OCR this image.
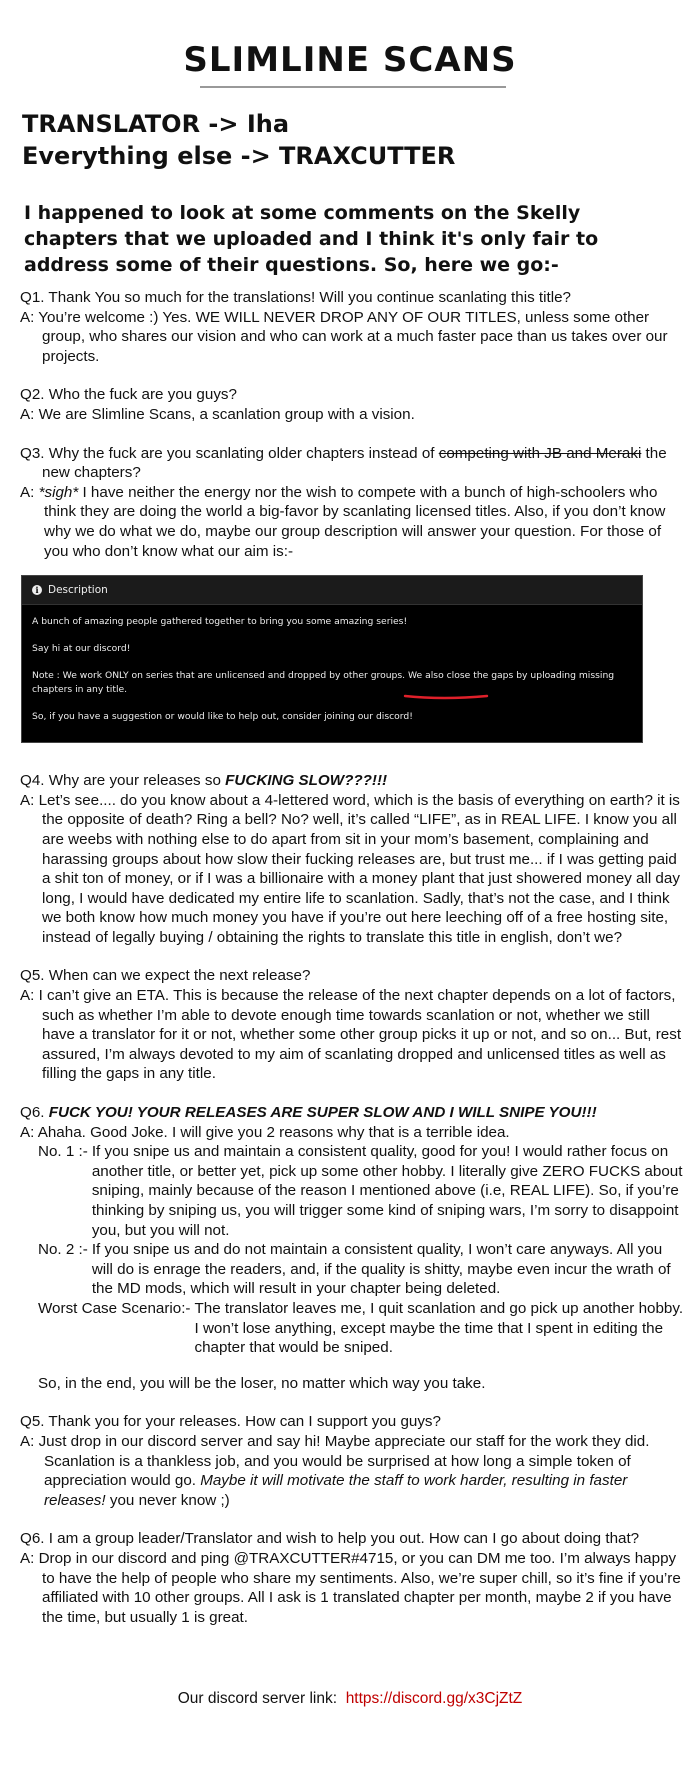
SLIMLINE SCANS
TRANSLATOR -> Iha
Everything else -> TRAXCUTTER
I happened to look at some comments on the Skelly chapters that we uploaded and I think it's only fair to address some of their questions. So, here we go:-
Q1. Thank You so much for the translations! Will you continue scanlating this title?
A: You’re welcome :) Yes. WE WILL NEVER DROP ANY OF OUR TITLES, unless some other group, who shares our vision and who can work at a much faster pace than us takes over our projects.
Q2. Who the fuck are you guys?
A: We are Slimline Scans, a scanlation group with a vision.
Q3. Why the fuck are you scanlating older chapters instead of competing with JB and Meraki the new chapters?
A: *sigh* I have neither the energy nor the wish to compete with a bunch of high-schoolers who think they are doing the world a big-favor by scanlating licensed titles. Also, if you don’t know why we do what we do, maybe our group description will answer your question. For those of you who don’t know what our aim is:-
i Description

A bunch of amazing people gathered together to bring you some amazing series!

Say hi at our discord!

Note : We work ONLY on series that are unlicensed and dropped by other groups. We also close the gaps by uploading missing chapters in any title.

So, if you have a suggestion or would like to help out, consider joining our discord!

Q4. Why are your releases so FUCKING SLOW???!!!
A: Let’s see.... do you know about a 4-lettered word, which is the basis of everything on earth? it is the opposite of death? Ring a bell? No? well, it’s called “LIFE”, as in REAL LIFE. I know you all are weebs with nothing else to do apart from sit in your mom’s basement, complaining and harassing groups about how slow their fucking releases are, but trust me... if I was getting paid a shit ton of money, or if I was a billionaire with a money plant that just showered money all day long, I would have dedicated my entire life to scanlation. Sadly, that’s not the case, and I think we both know how much money you have if you’re out here leeching off of a free hosting site, instead of legally buying / obtaining the rights to translate this title in english, don’t we?
Q5. When can we expect the next release?
A: I can’t give an ETA. This is because the release of the next chapter depends on a lot of factors, such as whether I’m able to devote enough time towards scanlation or not, whether we still have a translator for it or not, whether some other group picks it up or not, and so on... But, rest assured, I’m always devoted to my aim of scanlating dropped and unlicensed titles as well as filling the gaps in any title.
Q6. FUCK YOU! YOUR RELEASES ARE SUPER SLOW AND I WILL SNIPE YOU!!!
A: Ahaha. Good Joke. I will give you 2 reasons why that is a terrible idea.
No. 1 :- If you snipe us and maintain a consistent quality, good for you! I would rather focus on another title, or better yet, pick up some other hobby. I literally give ZERO FUCKS about sniping, mainly because of the reason I mentioned above (i.e, REAL LIFE). So, if you’re thinking by sniping us, you will trigger some kind of sniping wars, I’m sorry to disappoint you, but you will not.
No. 2 :- If you snipe us and do not maintain a consistent quality, I won’t care anyways. All you will do is enrage the readers, and, if the quality is shitty, maybe even incur the wrath of the MD mods, which will result in your chapter being deleted.
Worst Case Scenario:- The translator leaves me, I quit scanlation and go pick up another hobby. I won’t lose anything, except maybe the time that I spent in editing the chapter that would be sniped.
So, in the end, you will be the loser, no matter which way you take.
Q5. Thank you for your releases. How can I support you guys?
A: Just drop in our discord server and say hi! Maybe appreciate our staff for the work they did. Scanlation is a thankless job, and you would be surprised at how long a simple token of appreciation would go. Maybe it will motivate the staff to work harder, resulting in faster releases! you never know ;)
Q6. I am a group leader/Translator and wish to help you out. How can I go about doing that?
A: Drop in our discord and ping @TRAXCUTTER#4715, or you can DM me too. I’m always happy to have the help of people who share my sentiments. Also, we’re super chill, so it’s fine if you’re affiliated with 10 other groups. All I ask is 1 translated chapter per month, maybe 2 if you have the time, but usually 1 is great.
Our discord server link: https://discord.gg/x3CjZtZ
